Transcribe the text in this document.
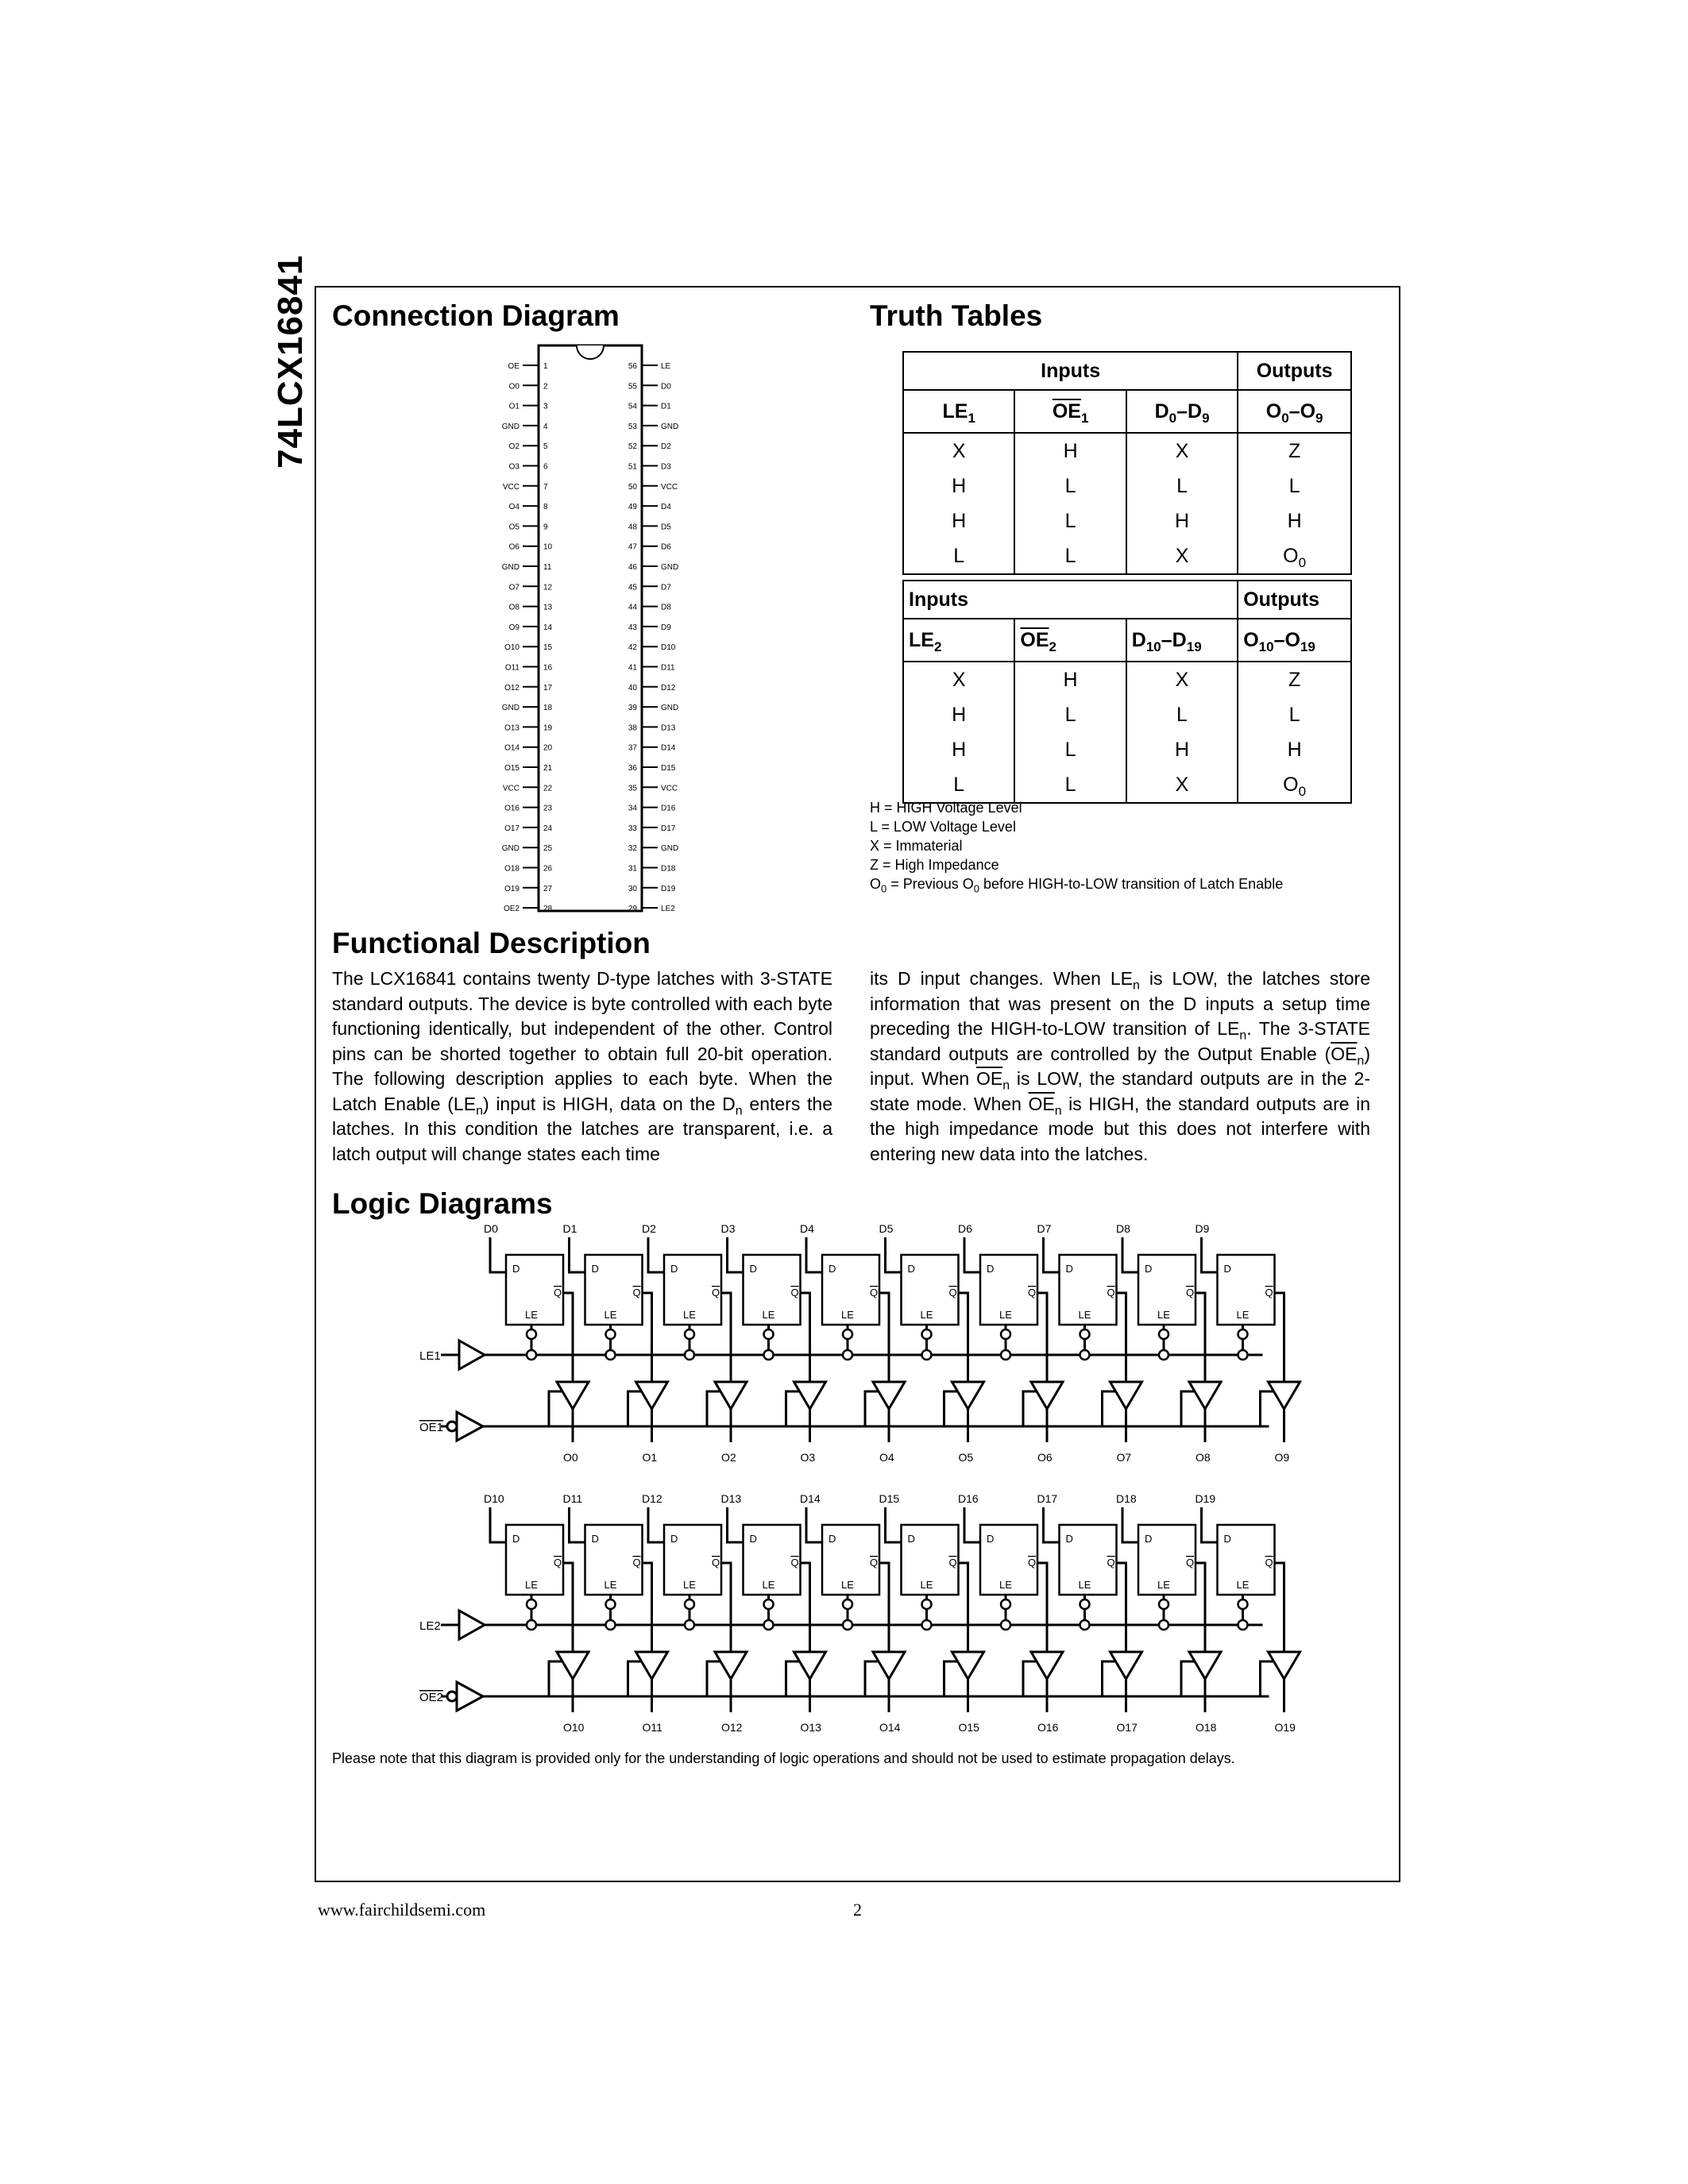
74LCX16841 Connection Diagram	Truth Tables
OE	1
O0	2
O1	3
GND	4
O2	5
O3	6
VCC	7
O4	8
O5	9
O6	10
GND	11
O7	12
O8	13
O9	14
O10	15
O11	16
O12	17
GND	18
O13	19
O14	20
O15	21
VCC	22
O16	23
O17	24
GND	25
O18	26
O19	27
OE2	28
56	LE
55	D0
54	D1
53	GND
52	D2
51	D3
50	VCC
49	D4
48	D5
47	D6
46	GND
45	D7
44	D8
43	D9
42	D10
41	D11
40	D12
39	GND
38	D13
37	D14
36	D15
35	VCC
34	D16
33	D17
32	GND
31	D18
30	D19
29	LE2
Inputs			Outputs
$LE_1$	$\overline{OE}_1$	$D_0-D_9$	$O_0-O_9$
X	H	X	Z
H	L	L	L
H	L	H	H
L	L	X	$O_0$
Inputs			Outputs
$LE_2$	$\overline{OE}_2$	$D_{10}-D_{19}$	$O_{10}-O_{19}$
X	H	X	Z
H	L	L	L
H	L	H	H
L	L	X	$O_0$
H = HIGH Voltage Level
L = LOW Voltage Level
X = Immaterial
Z = High Impedance
$O_0$ = Previous $O_0$ before HIGH-to-LOW transition of Latch Enable
Functional Description
The LCX16841 contains twenty D-type latches with 3-STATE standard outputs. The device is byte controlled with each byte functioning identically, but independent of the other. Control pins can be shorted together to obtain full 20-bit operation. The following description applies to each byte. When the Latch Enable $(LE_n)$ input is HIGH, data on the $D_n$ enters the latches. In this condition the latches are transparent, i.e. a latch output will change states each time
its D input changes. When $LE_n$ is LOW, the latches store information that was present on the D inputs a setup time preceding the HIGH-to-LOW transition of $LE_n$. The 3-STATE standard outputs are controlled by the Output Enable $(\overline{OE}_n)$ input. When $\overline{OE}_n$ is LOW, the standard outputs are in the 2-state mode. When $\overline{OE}_n$ is HIGH, the standard outputs are in the high impedance mode but this does not interfere with entering new data into the latches.
Logic Diagrams
LE1
OE1
D0
D
Q
LE
O0
D1
D
Q
LE
O1
D2
D
Q
LE
O2
D3
D
Q
LE
O3
D4
D
Q
LE
O4
D5
D
Q
LE
O5
D6
D
Q
LE
O6
D7
D
Q
LE
O7
D8
D
Q
LE
O8
D9
D
Q
LE
O9
LE2
OE2
D10
D
Q
LE
O10
D11
D
Q
LE
O11
D12
D
Q
LE
O12
D13
D
Q
LE
O13
D14
D
Q
LE
O14
D15
D
Q
LE
O15
D16
D
Q
LE
O16
D17
D
Q
LE
O17
D18
D
Q
LE
O18
D19
D
Q
LE
O19
Please note that this diagram is provided only for the understanding of logic operations and should not be used to estimate propagation delays.
www.fairchildsemi.com	2
